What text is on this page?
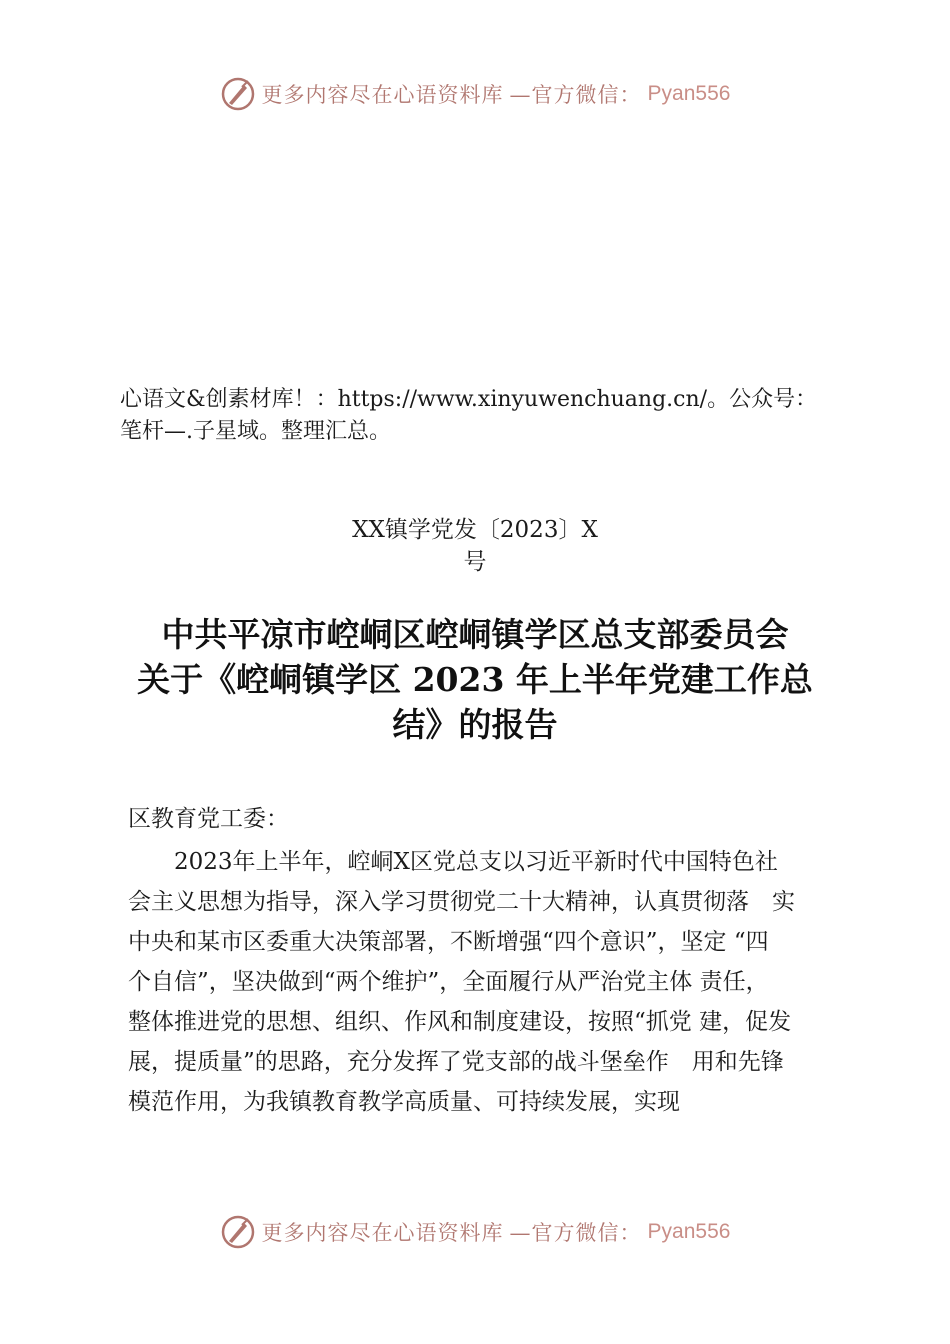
更多内容尽在心语资料库 —官方微信： Pyan556
心语文&创素材库！：https://www.xinyuwenchuang.cn/。公众号：
笔杆—.子星域。整理汇总。
XX镇学党发〔2023〕X
号
中共平凉市崆峒区崆峒镇学区总支部委员会
关于《崆峒镇学区 2023 年上半年党建工作总
结》的报告
区教育党工委：
2023年上半年，崆峒X区党总支以习近平新时代中国特色社
会主义思想为指导，深入学习贯彻党二十大精神，认真贯彻落　实
中央和某市区委重大决策部署，不断增强“四个意识”，坚定 “四
个自信”，坚决做到“两个维护”，全面履行从严治党主体 责任，
整体推进党的思想、组织、作风和制度建设，按照“抓党 建，促发
展，提质量”的思路，充分发挥了党支部的战斗堡垒作　用和先锋
模范作用，为我镇教育教学高质量、可持续发展，实现
更多内容尽在心语资料库 —官方微信： Pyan556
